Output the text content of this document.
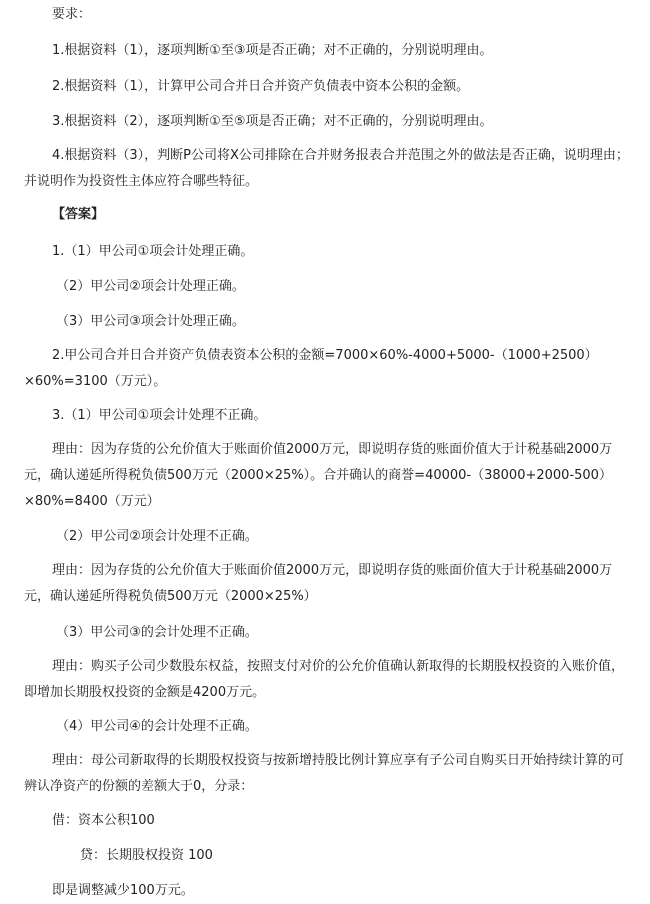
要求：

1.根据资料（1），逐项判断①至③项是否正确；对不正确的，分别说明理由。

2.根据资料（1），计算甲公司合并日合并资产负债表中资本公积的金额。

3.根据资料（2），逐项判断①至⑤项是否正确；对不正确的，分别说明理由。

4.根据资料（3），判断P公司将X公司排除在合并财务报表合并范围之外的做法是否正确，说明理由；并说明作为投资性主体应符合哪些特征。

【答案】

1.（1）甲公司①项会计处理正确。

（2）甲公司②项会计处理正确。

（3）甲公司③项会计处理正确。

2.甲公司合并日合并资产负债表资本公积的金额=7000×60%-4000+5000-（1000+2500）×60%=3100（万元）。

3.（1）甲公司①项会计处理不正确。

理由：因为存货的公允价值大于账面价值2000万元，即说明存货的账面价值大于计税基础2000万元，确认递延所得税负债500万元（2000×25%）。合并确认的商誉=40000-（38000+2000-500）×80%=8400（万元）

（2）甲公司②项会计处理不正确。

理由：因为存货的公允价值大于账面价值2000万元，即说明存货的账面价值大于计税基础2000万元，确认递延所得税负债500万元（2000×25%）

（3）甲公司③的会计处理不正确。

理由：购买子公司少数股东权益，按照支付对价的公允价值确认新取得的长期股权投资的入账价值，即增加长期股权投资的金额是4200万元。

（4）甲公司④的会计处理不正确。

理由：母公司新取得的长期股权投资与按新增持股比例计算应享有子公司自购买日开始持续计算的可辨认净资产的份额的差额大于0，分录：

借：资本公积100

贷：长期股权投资 100

即是调整减少100万元。
